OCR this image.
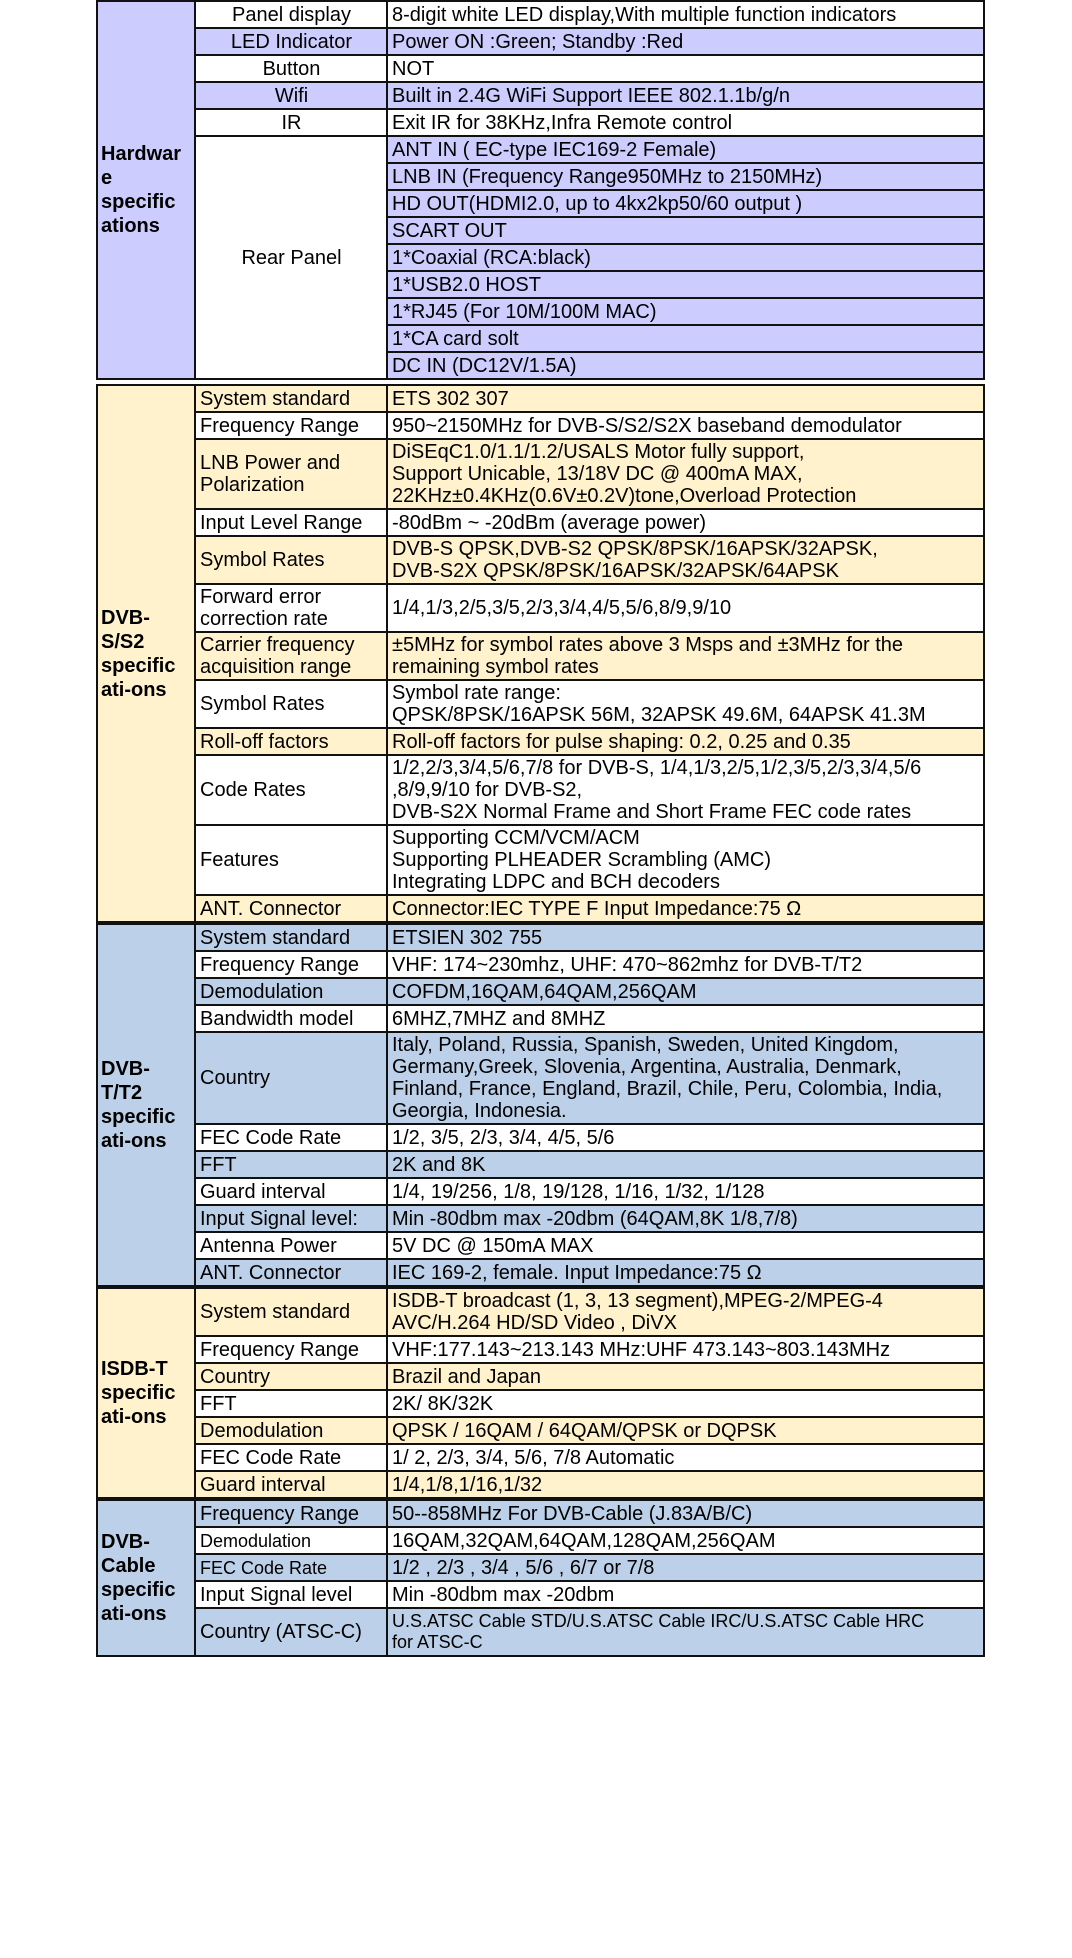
Hardwar
e
specific
ations	Panel display	8-digit white LED display,With multiple function indicators
	LED Indicator	Power ON :Green; Standby :Red
	Button	NOT
	Wifi	Built in 2.4G WiFi Support IEEE 802.1.1b/g/n
	IR	Exit IR for 38KHz,Infra Remote control
	Rear Panel	ANT IN ( EC-type IEC169-2 Female)
		LNB IN (Frequency Range950MHz to 2150MHz)
		HD OUT(HDMI2.0, up to 4kx2kp50/60 output )
		SCART OUT
		1*Coaxial (RCA:black)
		1*USB2.0 HOST
		1*RJ45 (For 10M/100M MAC)
		1*CA card solt
		DC IN (DC12V/1.5A)
DVB-
S/S2
specific
ati-ons	System standard	ETS 302 307
	Frequency Range	950~2150MHz for DVB-S/S2/S2X baseband demodulator
	LNB Power and
Polarization	DiSEqC1.0/1.1/1.2/USALS Motor fully support,
Support Unicable, 13/18V DC @ 400mA MAX,
22KHz±0.4KHz(0.6V±0.2V)tone,Overload Protection
	Input Level Range	-80dBm ~ -20dBm (average power)
	Symbol Rates	DVB-S QPSK,DVB-S2 QPSK/8PSK/16APSK/32APSK,
DVB-S2X QPSK/8PSK/16APSK/32APSK/64APSK
	Forward error
correction rate	1/4,1/3,2/5,3/5,2/3,3/4,4/5,5/6,8/9,9/10
	Carrier frequency
acquisition range	±5MHz for symbol rates above 3 Msps and ±3MHz for the
remaining symbol rates
	Symbol Rates	Symbol rate range:
QPSK/8PSK/16APSK 56M, 32APSK 49.6M, 64APSK 41.3M
	Roll-off factors	Roll-off factors for pulse shaping: 0.2, 0.25 and 0.35
	Code Rates	1/2,2/3,3/4,5/6,7/8 for DVB-S, 1/4,1/3,2/5,1/2,3/5,2/3,3/4,5/6
,8/9,9/10 for DVB-S2,
DVB-S2X Normal Frame and Short Frame FEC code rates
	Features	Supporting CCM/VCM/ACM
Supporting PLHEADER Scrambling (AMC)
Integrating LDPC and BCH decoders
	ANT. Connector	Connector:IEC TYPE F Input Impedance:75 Ω
DVB-
T/T2
specific
ati-ons	System standard	ETSIEN 302 755
	Frequency Range	VHF: 174~230mhz, UHF: 470~862mhz for DVB-T/T2
	Demodulation	COFDM,16QAM,64QAM,256QAM
	Bandwidth model	6MHZ,7MHZ and 8MHZ
	Country	Italy, Poland, Russia, Spanish, Sweden, United Kingdom,
Germany,Greek, Slovenia, Argentina, Australia, Denmark,
Finland, France, England, Brazil, Chile, Peru, Colombia, India,
Georgia, Indonesia.
	FEC Code Rate	1/2, 3/5, 2/3, 3/4, 4/5, 5/6
	FFT	2K and 8K
	Guard interval	1/4, 19/256, 1/8, 19/128, 1/16, 1/32, 1/128
	Input Signal level:	Min -80dbm max -20dbm (64QAM,8K 1/8,7/8)
	Antenna Power	5V DC @ 150mA MAX
	ANT. Connector	IEC 169-2, female. Input Impedance:75 Ω
ISDB-T
specific
ati-ons	System standard	ISDB-T broadcast (1, 3, 13 segment),MPEG-2/MPEG-4
AVC/H.264 HD/SD Video , DiVX
	Frequency Range	VHF:177.143~213.143 MHz:UHF 473.143~803.143MHz
	Country	Brazil and Japan
	FFT	2K/ 8K/32K
	Demodulation	QPSK / 16QAM / 64QAM/QPSK or DQPSK
	FEC Code Rate	1/ 2, 2/3, 3/4, 5/6, 7/8 Automatic
	Guard interval	1/4,1/8,1/16,1/32
DVB-
Cable
specific
ati-ons	Frequency Range	50--858MHz For DVB-Cable (J.83A/B/C)
	Demodulation	16QAM,32QAM,64QAM,128QAM,256QAM
	FEC Code Rate	1/2 , 2/3 , 3/4 , 5/6 , 6/7 or 7/8
	Input Signal level	Min -80dbm max -20dbm
	Country (ATSC-C)	U.S.ATSC Cable STD/U.S.ATSC Cable IRC/U.S.ATSC Cable HRC
for ATSC-C
